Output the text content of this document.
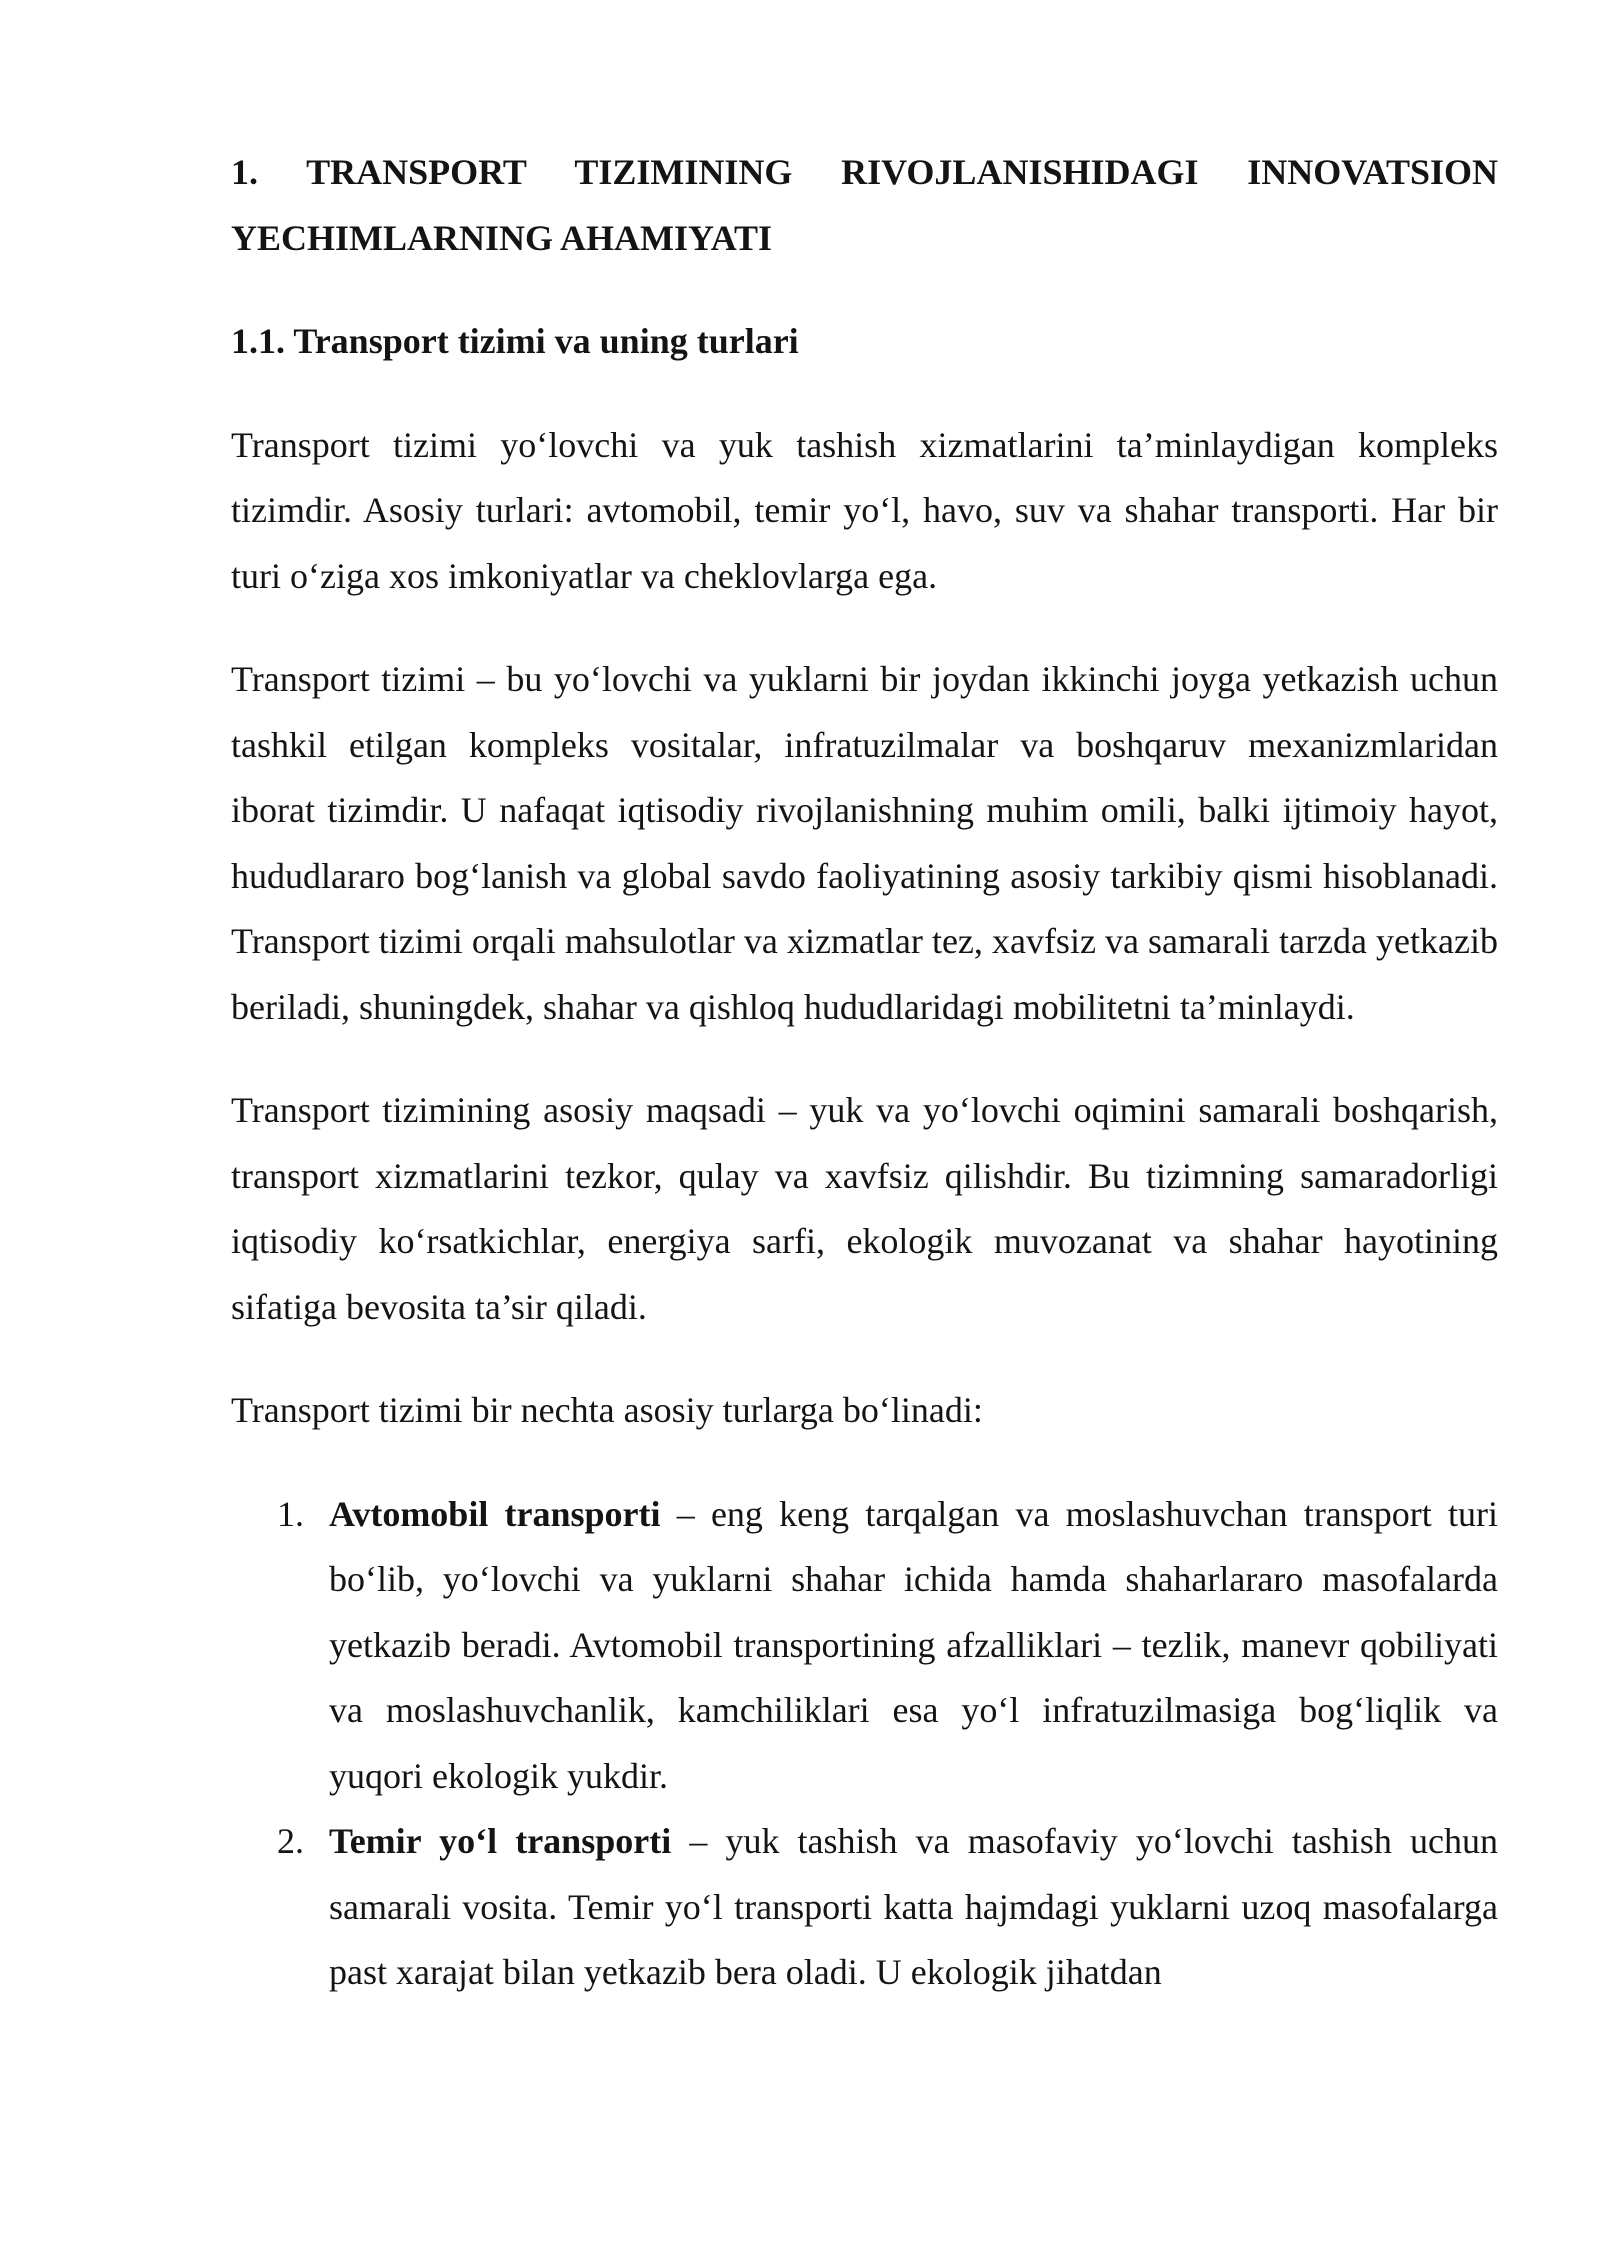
1. TRANSPORT TIZIMINING RIVOJLANISHIDAGI INNOVATSION
YECHIMLARNING AHAMIYATI
1.1. Transport tizimi va uning turlari

Transport tizimi yo‘lovchi va yuk tashish xizmatlarini ta’minlaydigan kompleks tizimdir. Asosiy turlari: avtomobil, temir yo‘l, havo, suv va shahar transporti. Har bir turi o‘ziga xos imkoniyatlar va cheklovlarga ega.

Transport tizimi – bu yo‘lovchi va yuklarni bir joydan ikkinchi joyga yetkazish uchun tashkil etilgan kompleks vositalar, infratuzilmalar va boshqaruv mexanizmlaridan iborat tizimdir. U nafaqat iqtisodiy rivojlanishning muhim omili, balki ijtimoiy hayot, hududlararo bog‘lanish va global savdo faoliyatining asosiy tarkibiy qismi hisoblanadi. Transport tizimi orqali mahsulotlar va xizmatlar tez, xavfsiz va samarali tarzda yetkazib beriladi, shuningdek, shahar va qishloq hududlaridagi mobilitetni ta’minlaydi.

Transport tizimining asosiy maqsadi – yuk va yo‘lovchi oqimini samarali boshqarish, transport xizmatlarini tezkor, qulay va xavfsiz qilishdir. Bu tizimning samaradorligi iqtisodiy ko‘rsatkichlar, energiya sarfi, ekologik muvozanat va shahar hayotining sifatiga bevosita ta’sir qiladi.

Transport tizimi bir nechta asosiy turlarga bo‘linadi:

1. Avtomobil transporti – eng keng tarqalgan va moslashuvchan transport turi bo‘lib, yo‘lovchi va yuklarni shahar ichida hamda shaharlararo masofalarda yetkazib beradi. Avtomobil transportining afzalliklari – tezlik, manevr qobiliyati va moslashuvchanlik, kamchiliklari esa yo‘l infratuzilmasiga bog‘liqlik va yuqori ekologik yukdir.
2. Temir yo‘l transporti – yuk tashish va masofaviy yo‘lovchi tashish uchun samarali vosita. Temir yo‘l transporti katta hajmdagi yuklarni uzoq masofalarga past xarajat bilan yetkazib bera oladi. U ekologik jihatdan
